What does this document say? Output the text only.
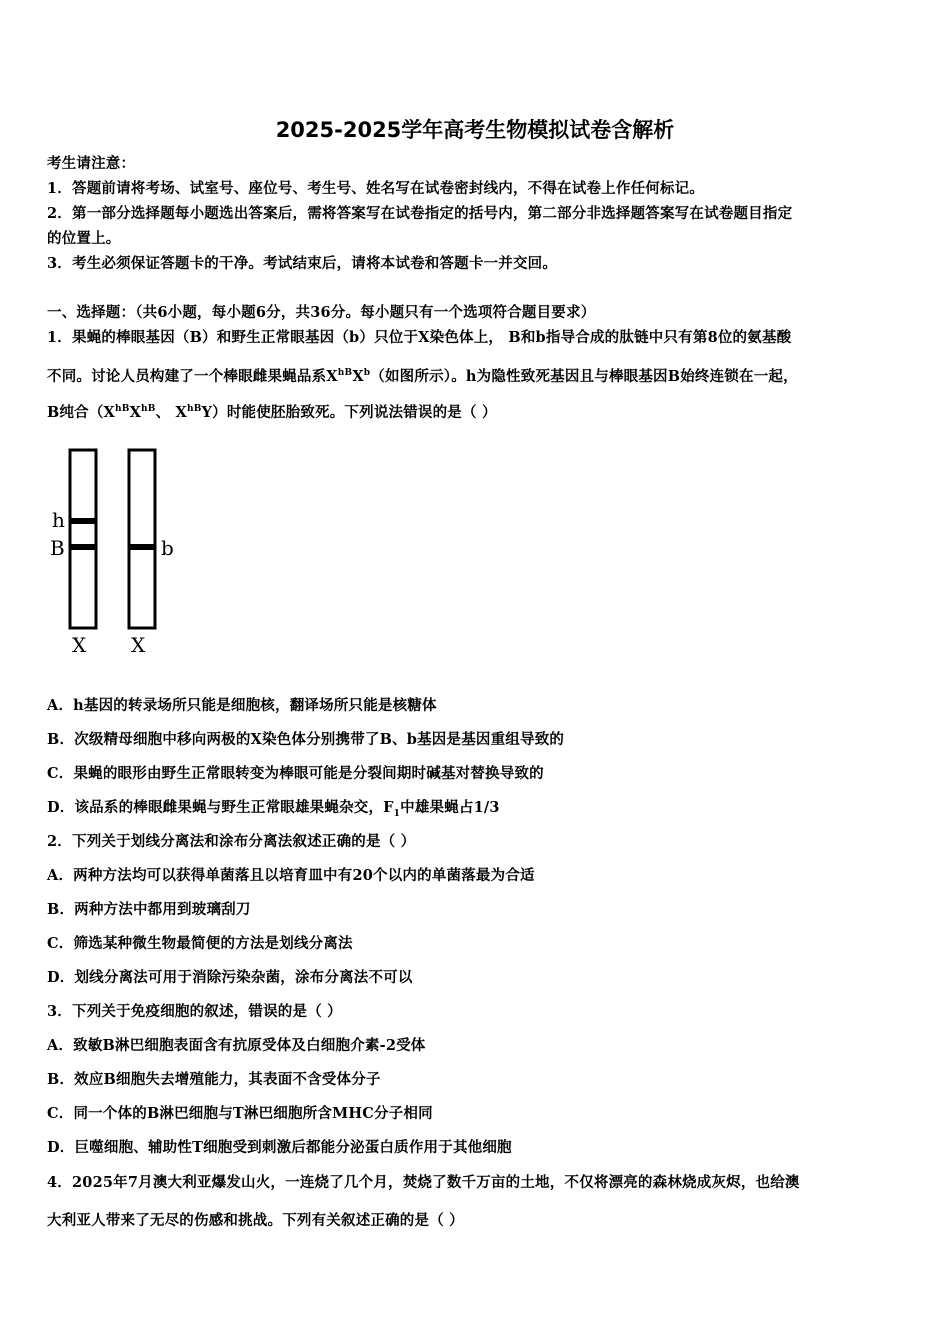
2025-2025学年高考生物模拟试卷含解析
考生请注意：
1．答题前请将考场、试室号、座位号、考生号、姓名写在试卷密封线内，不得在试卷上作任何标记。
2．第一部分选择题每小题选出答案后，需将答案写在试卷指定的括号内，第二部分非选择题答案写在试卷题目指定
的位置上。
3．考生必须保证答题卡的干净。考试结束后，请将本试卷和答题卡一并交回。
一、选择题：（共6小题，每小题6分，共36分。每小题只有一个选项符合题目要求）
1．果蝇的棒眼基因（B）和野生正常眼基因（b）只位于X染色体上， B和b指导合成的肽链中只有第8位的氨基酸
不同。讨论人员构建了一个棒眼雌果蝇品系$X^{hB}X^b$（如图所示）。h为隐性致死基因且与棒眼基因B始终连锁在一起，
B纯合（$X^{hB}X^{hB}$、 $X^{hB}Y$）时能使胚胎致死。下列说法错误的是（ ）
h
B	b
X X
A．h基因的转录场所只能是细胞核，翻译场所只能是核糖体
B．次级精母细胞中移向两极的X染色体分别携带了B、b基因是基因重组导致的
C．果蝇的眼形由野生正常眼转变为棒眼可能是分裂间期时碱基对替换导致的
D．该品系的棒眼雌果蝇与野生正常眼雄果蝇杂交，$F_1$中雄果蝇占1/3
2．下列关于划线分离法和涂布分离法叙述正确的是（ ）
A．两种方法均可以获得单菌落且以培育皿中有20个以内的单菌落最为合适
B．两种方法中都用到玻璃刮刀
C．筛选某种微生物最简便的方法是划线分离法
D．划线分离法可用于消除污染杂菌，涂布分离法不可以
3．下列关于免疫细胞的叙述，错误的是（ ）
A．致敏B淋巴细胞表面含有抗原受体及白细胞介素-2受体
B．效应B细胞失去增殖能力，其表面不含受体分子
C．同一个体的B淋巴细胞与T淋巴细胞所含MHC分子相同
D．巨噬细胞、辅助性T细胞受到刺激后都能分泌蛋白质作用于其他细胞
4．2025年7月澳大利亚爆发山火，一连烧了几个月，焚烧了数千万亩的土地，不仅将漂亮的森林烧成灰烬，也给澳
大利亚人带来了无尽的伤感和挑战。下列有关叙述正确的是（ ）
